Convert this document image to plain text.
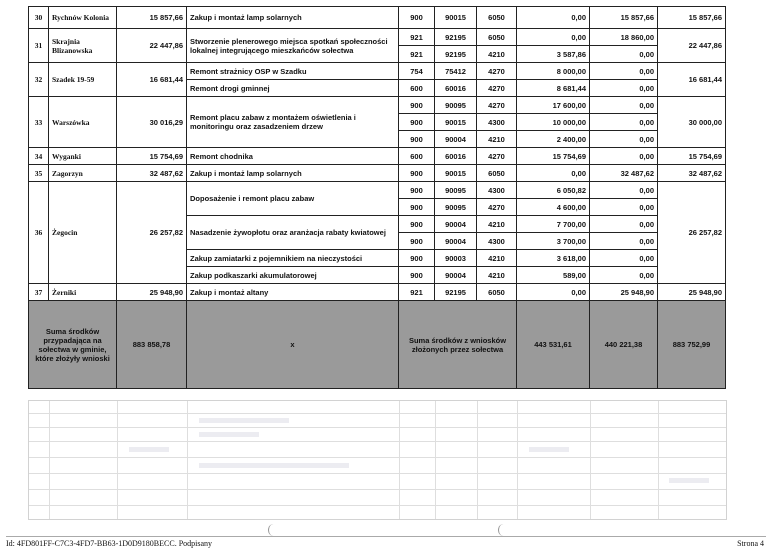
30	Rychnów Kolonia	15 857,66	Zakup i montaż lamp solarnych	900	90015	6050	0,00	15 857,66	15 857,66
31	Skrajnia Blizanowska	22 447,86	Stworzenie plenerowego miejsca spotkań społeczności lokalnej integrującego mieszkańców sołectwa	921	92195	6050	0,00	18 860,00	22 447,86
				921	92195	4210	3 587,86	0,00	
32	Szadek 19-59	16 681,44	Remont strażnicy OSP w Szadku	754	75412	4270	8 000,00	0,00	16 681,44
			Remont drogi gminnej	600	60016	4270	8 681,44	0,00	
33	Warszówka	30 016,29	Remont placu zabaw z montażem oświetlenia i monitoringu oraz zasadzeniem drzew	900	90095	4270	17 600,00	0,00	30 000,00
				900	90015	4300	10 000,00	0,00	
				900	90004	4210	2 400,00	0,00	
34	Wyganki	15 754,69	Remont chodnika	600	60016	4270	15 754,69	0,00	15 754,69
35	Zagorzyn	32 487,62	Zakup i montaż lamp solarnych	900	90015	6050	0,00	32 487,62	32 487,62
36	Żegocin	26 257,82	Doposażenie i remont placu zabaw	900	90095	4300	6 050,82	0,00	26 257,82
				900	90095	4270	4 600,00	0,00	
			Nasadzenie żywopłotu oraz aranżacja rabaty kwiatowej	900	90004	4210	7 700,00	0,00	
				900	90004	4300	3 700,00	0,00	
			Zakup zamiatarki z pojemnikiem na nieczystości	900	90003	4210	3 618,00	0,00	
			Zakup podkaszarki akumulatorowej	900	90004	4210	589,00	0,00	
37	Żerniki	25 948,90	Zakup i montaż altany	921	92195	6050	0,00	25 948,90	25 948,90
Suma środków przypadająca na sołectwa w gminie, które złożyły wnioski		883 858,78	x	Suma środków z wniosków złożonych przez sołectwa			443 531,61	440 221,38	883 752,99
Id: 4FD801FF-C7C3-4FD7-BB63-1D0D9180BECC. Podpisany	Strona 4
